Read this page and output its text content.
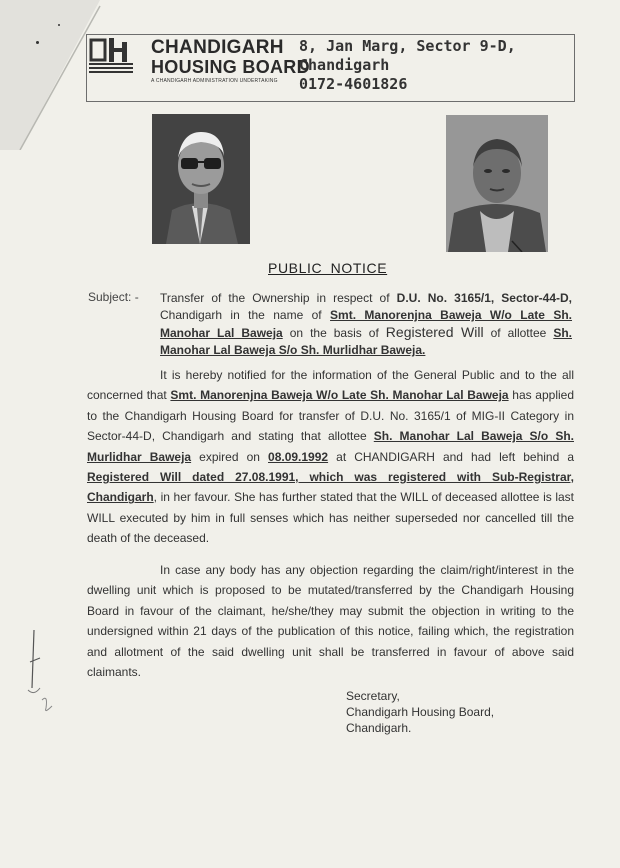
CHANDIGARH
HOUSING BOARD
A CHANDIGARH ADMINISTRATION UNDERTAKING
8, Jan Marg, Sector 9-D,
Chandigarh
0172-4601826
PUBLIC NOTICE
Subject: - Transfer of the Ownership in respect of D.U. No. 3165/1, Sector-44-D, Chandigarh in the name of Smt. Manorenjna Baweja W/o Late Sh. Manohar Lal Baweja on the basis of Registered Will of allottee Sh. Manohar Lal Baweja S/o Sh. Murlidhar Baweja.
It is hereby notified for the information of the General Public and to the all concerned that Smt. Manorenjna Baweja W/o Late Sh. Manohar Lal Baweja has applied to the Chandigarh Housing Board for transfer of D.U. No. 3165/1 of MIG-II Category in Sector-44-D, Chandigarh and stating that allottee Sh. Manohar Lal Baweja S/o Sh. Murlidhar Baweja expired on 08.09.1992 at CHANDIGARH and had left behind a Registered Will dated 27.08.1991, which was registered with Sub-Registrar, Chandigarh, in her favour. She has further stated that the WILL of deceased allottee is last WILL executed by him in full senses which has neither superseded nor cancelled till the death of the deceased.
In case any body has any objection regarding the claim/right/interest in the dwelling unit which is proposed to be mutated/transferred by the Chandigarh Housing Board in favour of the claimant, he/she/they may submit the objection in writing to the undersigned within 21 days of the publication of this notice, failing which, the registration and allotment of the said dwelling unit shall be transferred in favour of above said claimants.
Secretary,
Chandigarh Housing Board,
Chandigarh.
